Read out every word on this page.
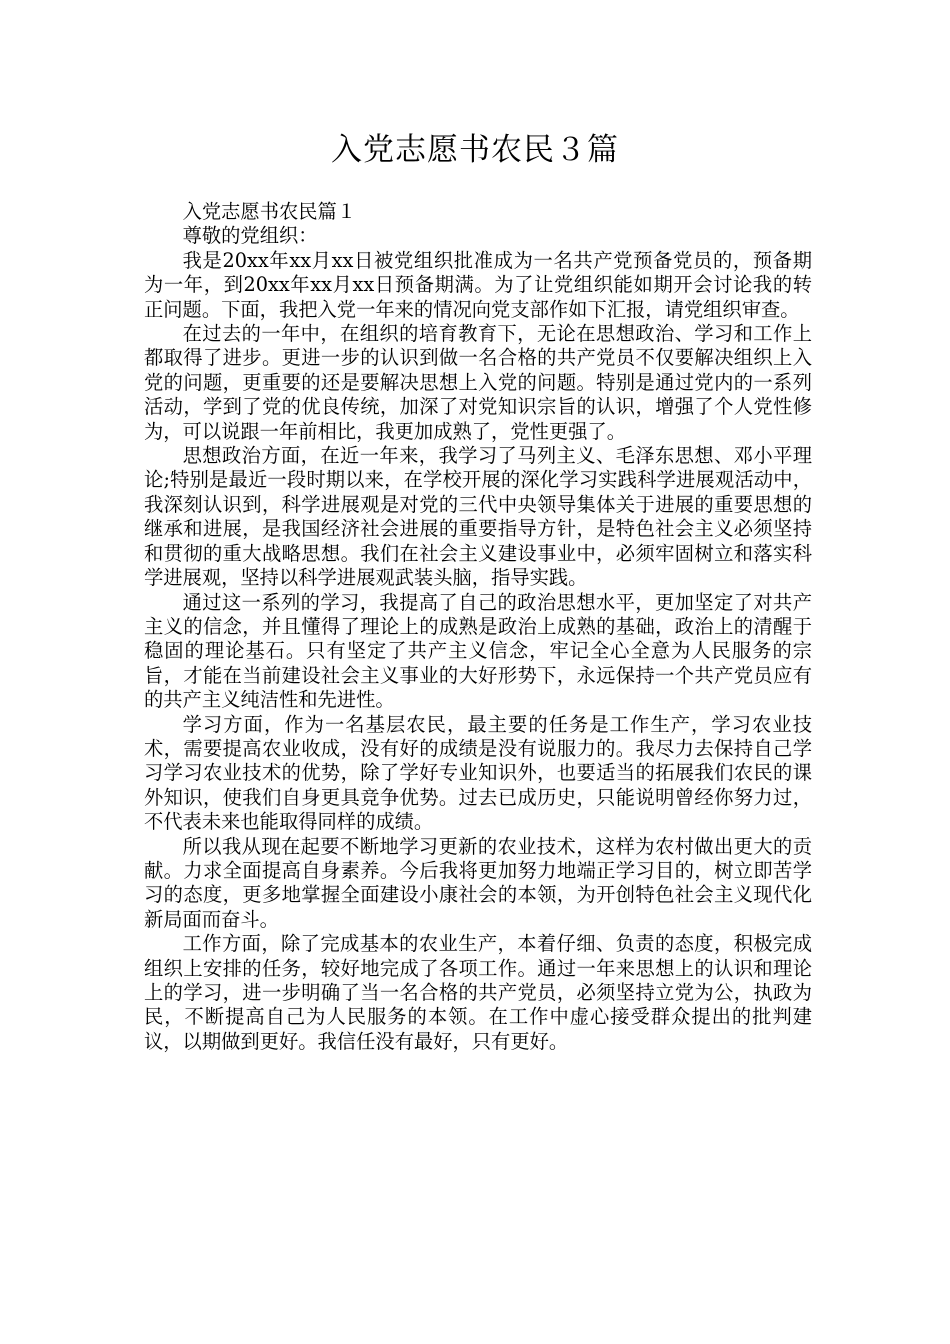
入党志愿书农民３篇

入党志愿书农民篇１

尊敬的党组织：

我是20xx年xx月xx日被党组织批准成为一名共产党预备党员的，预备期为一年，到20xx年xx月xx日预备期满。为了让党组织能如期开会讨论我的转正问题。下面，我把入党一年来的情况向党支部作如下汇报，请党组织审查。

在过去的一年中，在组织的培育教育下，无论在思想政治、学习和工作上都取得了进步。更进一步的认识到做一名合格的共产党员不仅要解决组织上入党的问题，更重要的还是要解决思想上入党的问题。特别是通过党内的一系列活动，学到了党的优良传统，加深了对党知识宗旨的认识，增强了个人党性修为，可以说跟一年前相比，我更加成熟了，党性更强了。

思想政治方面，在近一年来，我学习了马列主义、毛泽东思想、邓小平理论;特别是最近一段时期以来，在学校开展的深化学习实践科学进展观活动中，我深刻认识到，科学进展观是对党的三代中央领导集体关于进展的重要思想的继承和进展，是我国经济社会进展的重要指导方针，是特色社会主义必须坚持和贯彻的重大战略思想。我们在社会主义建设事业中，必须牢固树立和落实科学进展观，坚持以科学进展观武装头脑，指导实践。

通过这一系列的学习，我提高了自己的政治思想水平，更加坚定了对共产主义的信念，并且懂得了理论上的成熟是政治上成熟的基础，政治上的清醒于稳固的理论基石。只有坚定了共产主义信念，牢记全心全意为人民服务的宗旨，才能在当前建设社会主义事业的大好形势下，永远保持一个共产党员应有的共产主义纯洁性和先进性。

学习方面，作为一名基层农民，最主要的任务是工作生产，学习农业技术，需要提高农业收成，没有好的成绩是没有说服力的。我尽力去保持自己学习学习农业技术的优势，除了学好专业知识外，也要适当的拓展我们农民的课外知识，使我们自身更具竞争优势。过去已成历史，只能说明曾经你努力过，不代表未来也能取得同样的成绩。

所以我从现在起要不断地学习更新的农业技术，这样为农村做出更大的贡献。力求全面提高自身素养。今后我将更加努力地端正学习目的，树立即苦学习的态度，更多地掌握全面建设小康社会的本领，为开创特色社会主义现代化新局面而奋斗。

工作方面，除了完成基本的农业生产，本着仔细、负责的态度，积极完成组织上安排的任务，较好地完成了各项工作。通过一年来思想上的认识和理论上的学习，进一步明确了当一名合格的共产党员，必须坚持立党为公，执政为民，不断提高自己为人民服务的本领。在工作中虚心接受群众提出的批判建议，以期做到更好。我信任没有最好，只有更好。
